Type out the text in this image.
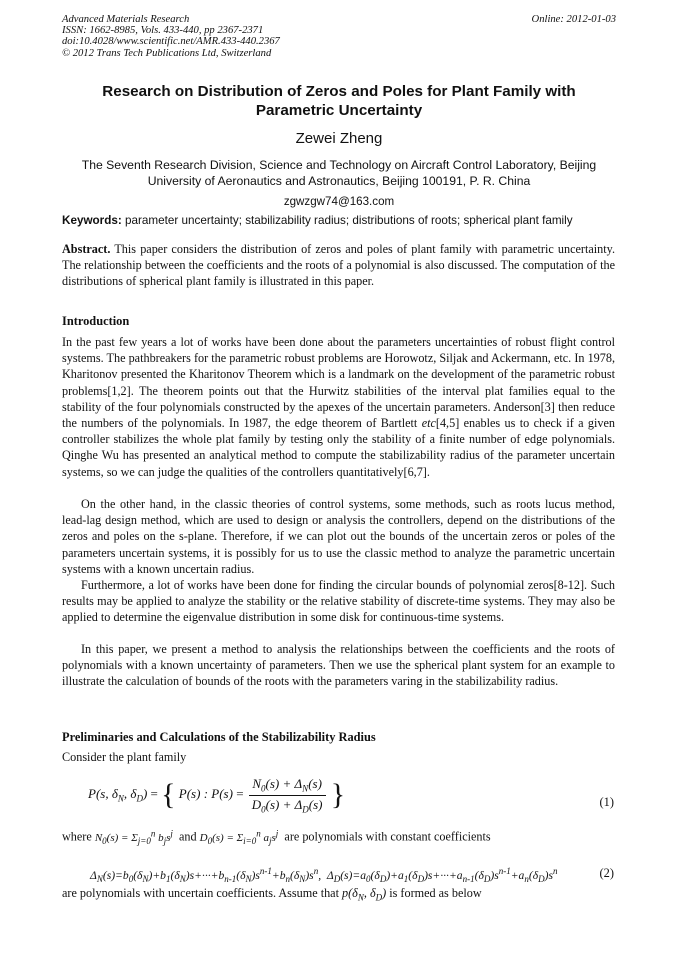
Advanced Materials Research
ISSN: 1662-8985, Vols. 433-440, pp 2367-2371
doi:10.4028/www.scientific.net/AMR.433-440.2367
© 2012 Trans Tech Publications Ltd, Switzerland
Online: 2012-01-03
Research on Distribution of Zeros and Poles for Plant Family with Parametric Uncertainty
Zewei Zheng
The Seventh Research Division, Science and Technology on Aircraft Control Laboratory, Beijing University of Aeronautics and Astronautics, Beijing 100191, P. R. China
zgwzgw74@163.com
Keywords: parameter uncertainty; stabilizability radius; distributions of roots; spherical plant family
Abstract. This paper considers the distribution of zeros and poles of plant family with parametric uncertainty. The relationship between the coefficients and the roots of a polynomial is also discussed. The computation of the distributions of spherical plant family is illustrated in this paper.
Introduction
In the past few years a lot of works have been done about the parameters uncertainties of robust flight control systems. The pathbreakers for the parametric robust problems are Horowotz, Siljak and Ackermann, etc. In 1978, Kharitonov presented the Kharitonov Theorem which is a landmark on the development of the parametric robust problems[1,2]. The theorem points out that the Hurwitz stabilities of the interval plat families equal to the stability of the four polynomials constructed by the apexes of the uncertain parameters. Anderson[3] then reduce the numbers of the polynomials. In 1987, the edge theorem of Bartlett etc[4,5] enables us to check if a given controller stabilizes the whole plat family by testing only the stability of a finite number of edge polynomials. Qinghe Wu has presented an analytical method to compute the stabilizability radius of the parameter uncertain systems, so we can judge the qualities of the controllers quantitatively[6,7].
On the other hand, in the classic theories of control systems, some methods, such as roots lucus method, lead-lag design method, which are used to design or analysis the controllers, depend on the distributions of the zeros and poles on the s-plane. Therefore, if we can plot out the bounds of the uncertain zeros or poles of the parameters uncertain systems, it is possibly for us to use the classic method to analyze the parametric uncertain systems with a known uncertain radius.
Furthermore, a lot of works have been done for finding the circular bounds of polynomial zeros[8-12]. Such results may be applied to analyze the stability or the relative stability of discrete-time systems. They may also be applied to determine the eigenvalue distribution in some disk for continuous-time systems.
In this paper, we present a method to analysis the relationships between the coefficients and the roots of polynomials with a known uncertainty of parameters. Then we use the spherical plant system for an example to illustrate the calculation of bounds of the roots with the parameters varing in the stabilizability radius.
Preliminaries and Calculations of the Stabilizability Radius
Consider the plant family
P(s, $\delta_N$, $\delta_D$) = { P(s) : $P(s) = \frac{N_0(s) + \Delta_N(s)}{D_0(s) + \Delta_D(s)}$ }	(1)
where $N_0(s) = \Sigma_{j=0}^n$ $b_js^j$ and $D_0(s) = \Sigma_{i=0}^n$ $a_js^j$ are polynomials with constant coefficients
$\Delta_N(s)=b_0(\delta_N)+b_1(\delta_N)s+\cdot\cdot\cdot+b_{n-1}(\delta_N)s^{n-1}+b_n(\delta_N)s^n$,  $\Delta_D(s)=a_0(\delta_D)+a_1(\delta_D)s+\cdot\cdot\cdot+a_{n-1}(\delta_D)s^{n-1}+a_n(\delta_D)s^n$	(2)
are polynomials with uncertain coefficients. Assume that $p(\delta_N$, $\delta_D$) is formed as below
